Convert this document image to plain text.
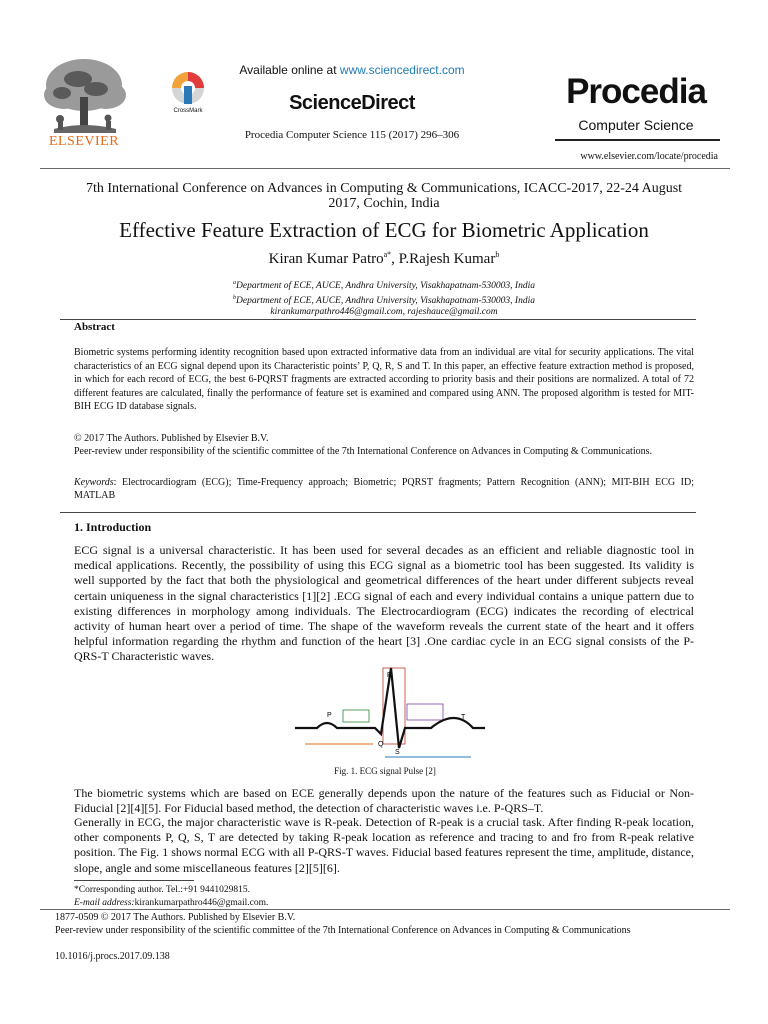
ELSEVIER
CrossMark
Available online at www.sciencedirect.com
ScienceDirect
Procedia Computer Science 115 (2017) 296–306
Procedia
Computer Science
www.elsevier.com/locate/procedia
7th International Conference on Advances in Computing & Communications, ICACC-2017, 22-24 August 2017, Cochin, India
Effective Feature Extraction of ECG for Biometric Application
Kiran Kumar Patro$^{a*}$, P.Rajesh Kumar$^b$
$^a$Department of ECE, AUCE, Andhra University, Visakhapatnam-530003, India
$^b$Department of ECE, AUCE, Andhra University, Visakhapatnam-530003, India
kirankumarpathro446@gmail.com, rajeshauce@gmail.com
Abstract
Biometric systems performing identity recognition based upon extracted informative data from an individual are vital for security applications. The vital characteristics of an ECG signal depend upon its Characteristic points’ P, Q, R, S and T. In this paper, an effective feature extraction method is proposed, in which for each record of ECG, the best 6-PQRST fragments are extracted according to priority basis and their positions are normalized. A total of 72 different features are calculated, finally the performance of feature set is examined and compared using ANN. The proposed algorithm is tested for MIT-BIH ECG ID database signals.
© 2017 The Authors. Published by Elsevier B.V.
Peer-review under responsibility of the scientific committee of the 7th International Conference on Advances in Computing & Communications.
Keywords: Electrocardiogram (ECG); Time-Frequency approach; Biometric; PQRST fragments; Pattern Recognition (ANN); MIT-BIH ECG ID; MATLAB
1. Introduction
ECG signal is a universal characteristic. It has been used for several decades as an efficient and reliable diagnostic tool in medical applications. Recently, the possibility of using this ECG signal as a biometric tool has been suggested. Its validity is well supported by the fact that both the physiological and geometrical differences of the heart under different subjects reveal certain uniqueness in the signal characteristics [1][2] .ECG signal of each and every individual contains a unique pattern due to existing differences in morphology among individuals. The Electrocardiogram (ECG) indicates the recording of electrical activity of human heart over a period of time. The shape of the waveform reveals the current state of the heart and it offers helpful information regarding the rhythm and function of the heart [3] .One cardiac cycle in an ECG signal consists of the P-QRS-T Characteristic waves.
P
R
Q
S
T
Fig. 1. ECG signal Pulse [2]
The biometric systems which are based on ECE generally depends upon the nature of the features such as Fiducial or Non-Fiducial [2][4][5]. For Fiducial based method, the detection of characteristic waves i.e. P-QRS–T.
Generally in ECG, the major characteristic wave is R-peak. Detection of R-peak is a crucial task. After finding R-peak location, other components P, Q, S, T are detected by taking R-peak location as reference and tracing to and fro from R-peak relative position. The Fig. 1 shows normal ECG with all P-QRS-T waves. Fiducial based features represent the time, amplitude, distance, slope, angle and some miscellaneous features [2][5][6].
*Corresponding author. Tel.:+91 9441029815.
E-mail address:kirankumarpathro446@gmail.com.
1877-0509 © 2017 The Authors. Published by Elsevier B.V.
Peer-review under responsibility of the scientific committee of the 7th International Conference on Advances in Computing & Communications
10.1016/j.procs.2017.09.138
